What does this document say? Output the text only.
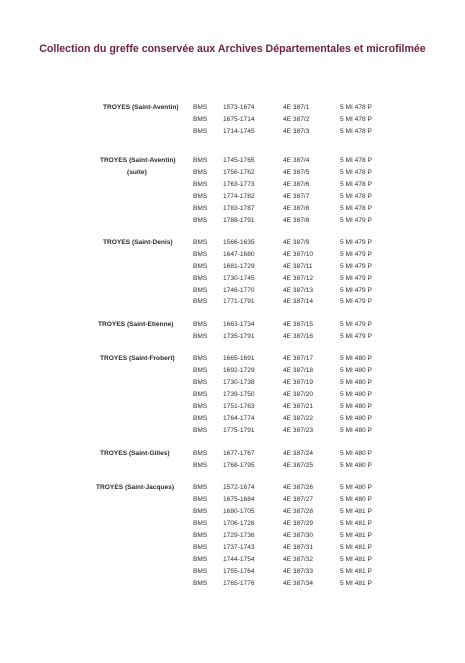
Collection du greffe conservée aux Archives Départementales et microfilmée
TROYES (Saint-Aventin) BMS 1573-1674	4E 387/1	5 MI 478 P
BMS 1675-1714	4E 387/2	5 MI 478 P
BMS 1714-1745	4E 387/3	5 MI 478 P
TROYES (Saint-Aventin)
(suite)
BMS 1745-1765	4E 387/4	5 MI 478 P
BMS 1756-1762	4E 387/5	5 MI 478 P
BMS 1763-1773	4E 387/6	5 MI 478 P
BMS 1774-1782	4E 387/7	5 MI 478 P
BMS 1783-1787	4E 387/8	5 MI 478 P
BMS 1788-1791	4E 387/8	5 MI 479 P
TROYES (Saint-Denis)	BMS 1566-1635	4E 387/9	5 MI 479 P
BMS 1647-1680	4E 387/10	5 MI 479 P
BMS 1681-1729	4E 387/11	5 MI 479 P
BMS 1730-1745	4E 387/12	5 MI 479 P
BMS 1746-1770	4E 387/13	5 MI 479 P
BMS 1771-1791	4E 387/14	5 MI 479 P
TROYES (Saint-Etienne)	BMS 1663-1734	4E 387/15	5 MI 479 P
BMS 1735-1791	4E 387/16	5 MI 479 P
TROYES (Saint-Frobert)	BMS 1665-1691	4E 387/17	5 MI 480 P
BMS 1692-1729	4E 387/18	5 MI 480 P
BMS 1730-1738	4E 387/19	5 MI 480 P
BMS 1739-1750	4E 387/20	5 MI 480 P
BMS 1751-1763	4E 387/21	5 MI 480 P
BMS 1764-1774	4E 387/22	5 MI 480 P
BMS 1775-1791	4E 387/23	5 MI 480 P
TROYES (Saint-Gilles)	BMS 1677-1767	4E 387/24	5 MI 480 P
BMS 1768-1795	4E 387/25	5 MI 480 P
TROYES (Saint-Jacques)	BMS 1572-1674	4E 387/26	5 MI 480 P
BMS 1675-1684	4E 387/27	5 MI 480 P
BMS 1680-1705	4E 387/28	5 MI 481 P
BMS 1706-1728	4E 387/29	5 MI 481 P
BMS 1729-1736	4E 387/30	5 MI 481 P
BMS 1737-1743	4E 387/31	5 MI 481 P
BMS 1744-1754	4E 387/32	5 MI 481 P
BMS 1755-1764	4E 387/33	5 MI 481 P
BMS 1765-1776	4E 387/34	5 MI 481 P
